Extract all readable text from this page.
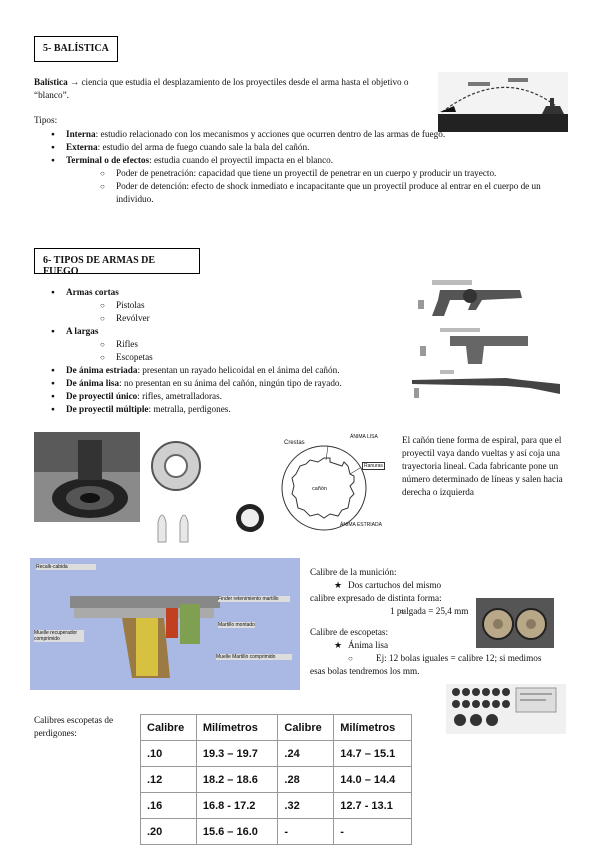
5- BALÍSTICA
Balística → ciencia que estudia el desplazamiento de los proyectiles desde el arma hasta el objetivo o “blanco”.
Tipos:
● Interna: estudio relacionado con los mecanismos y acciones que ocurren dentro de las armas de fuego.
● Externa: estudio del arma de fuego cuando sale la bala del cañón.
● Terminal o de efectos: estudia cuando el proyectil impacta en el blanco.
○ Poder de penetración: capacidad que tiene un proyectil de penetrar en un cuerpo y producir un trayecto.
○ Poder de detención: efecto de shock inmediato e incapacitante que un proyectil produce al entrar en el cuerpo de un individuo.
6- TIPOS DE ARMAS DE FUEGO
● Armas cortas
○ Pistolas
○ Revólver
● A largas
○ Rifles
○ Escopetas
● De ánima estriada: presentan un rayado helicoidal en el ánima del cañón.
● De ánima lisa: no presentan en su ánima del cañón, ningún tipo de rayado.
● De proyectil único: rifles, ametralladoras.
● De proyectil múltiple: metralla, perdigones.
Crestas
ÁNIMA LISA
Ranuras
cañón
ÁNIMA ESTRIADA
El cañón tiene forma de espiral, para que el proyectil vaya dando vueltas y así coja una trayectoria lineal. Cada fabricante pone un número determinado de líneas y salen hacia derecha o izquierda
Recalk-cabida
Finder retenimiento martillo
Martillo montado
Muelle recuperador comprimido
Muelle Martillo comprimido
Calibre de la munición:
★ Dos cartuchos del mismo
calibre expresado de distinta forma:
○ 1 pulgada = 25,4 mm
Calibre de escopetas:
★ Ánima lisa
○ Ej: 12 bolas iguales = calibre 12; si medimos
esas bolas tendremos los mm.
Calibres escopetas de perdigones:	Calibre	Milímetros	Calibre	Milímetros
.10	19.3 – 19.7	.24	14.7 – 15.1
.12	18.2 – 18.6	.28	14.0 – 14.4
.16	16.8 - 17.2	.32	12.7 - 13.1
.20	15.6 – 16.0	-	-
